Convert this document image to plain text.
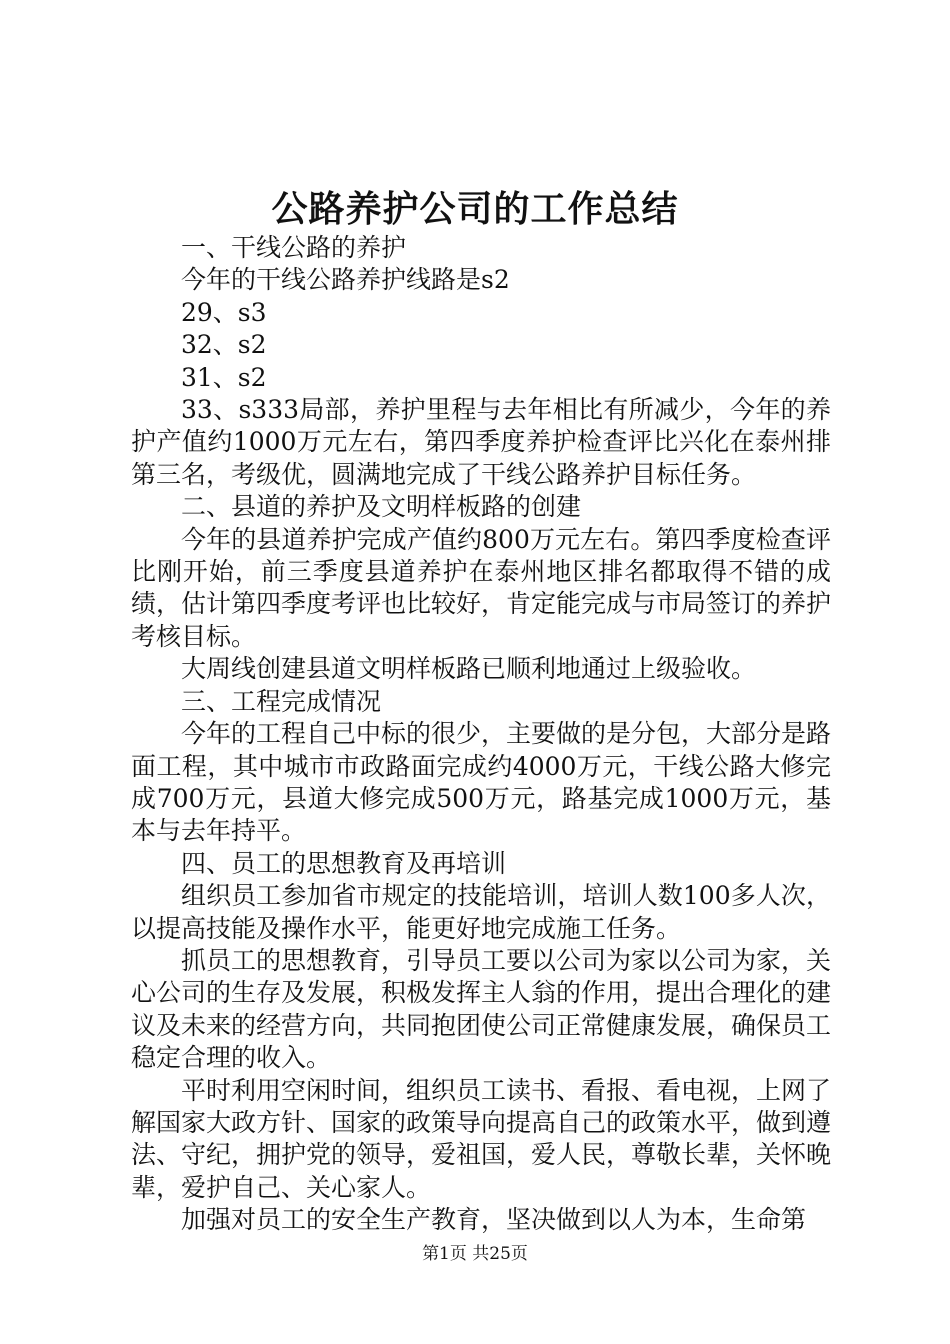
公路养护公司的工作总结

一、干线公路的养护

今年的干线公路养护线路是s2

29、s3

32、s2

31、s2

33、s333局部，养护里程与去年相比有所减少，今年的养护产值约1000万元左右，第四季度养护检查评比兴化在泰州排第三名，考级优，圆满地完成了干线公路养护目标任务。

二、县道的养护及文明样板路的创建

今年的县道养护完成产值约800万元左右。第四季度检查评比刚开始，前三季度县道养护在泰州地区排名都取得不错的成绩，估计第四季度考评也比较好，肯定能完成与市局签订的养护考核目标。

大周线创建县道文明样板路已顺利地通过上级验收。

三、工程完成情况

今年的工程自己中标的很少，主要做的是分包，大部分是路面工程，其中城市市政路面完成约4000万元，干线公路大修完成700万元，县道大修完成500万元，路基完成1000万元，基本与去年持平。

四、员工的思想教育及再培训

组织员工参加省市规定的技能培训，培训人数100多人次，以提高技能及操作水平，能更好地完成施工任务。

抓员工的思想教育，引导员工要以公司为家以公司为家，关心公司的生存及发展，积极发挥主人翁的作用，提出合理化的建议及未来的经营方向，共同抱团使公司正常健康发展，确保员工稳定合理的收入。

平时利用空闲时间，组织员工读书、看报、看电视，上网了解国家大政方针、国家的政策导向提高自己的政策水平，做到遵法、守纪，拥护党的领导，爱祖国，爱人民，尊敬长辈，关怀晚辈，爱护自己、关心家人。

加强对员工的安全生产教育，坚决做到以人为本，生命第

第1页 共25页
